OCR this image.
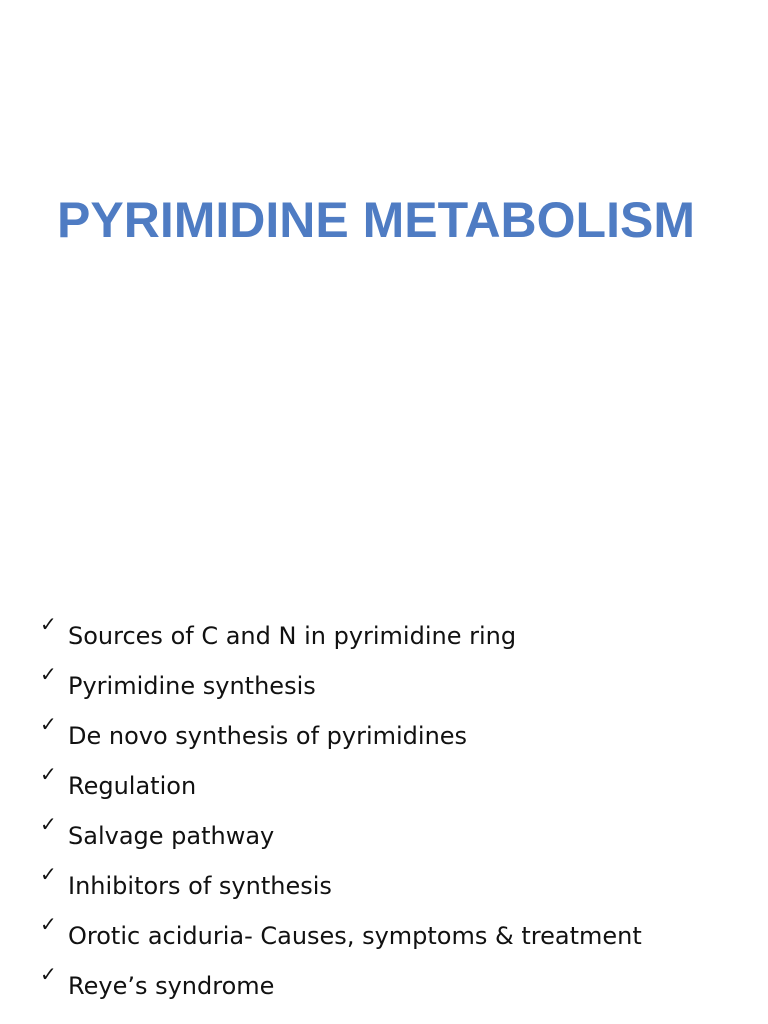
PYRIMIDINE METABOLISM
✓ Sources of C and N in pyrimidine ring
✓ Pyrimidine synthesis
✓ De novo synthesis of pyrimidines
✓ Regulation
✓ Salvage pathway
✓ Inhibitors of synthesis
✓ Orotic aciduria- Causes, symptoms & treatment
✓ Reye’s syndrome
